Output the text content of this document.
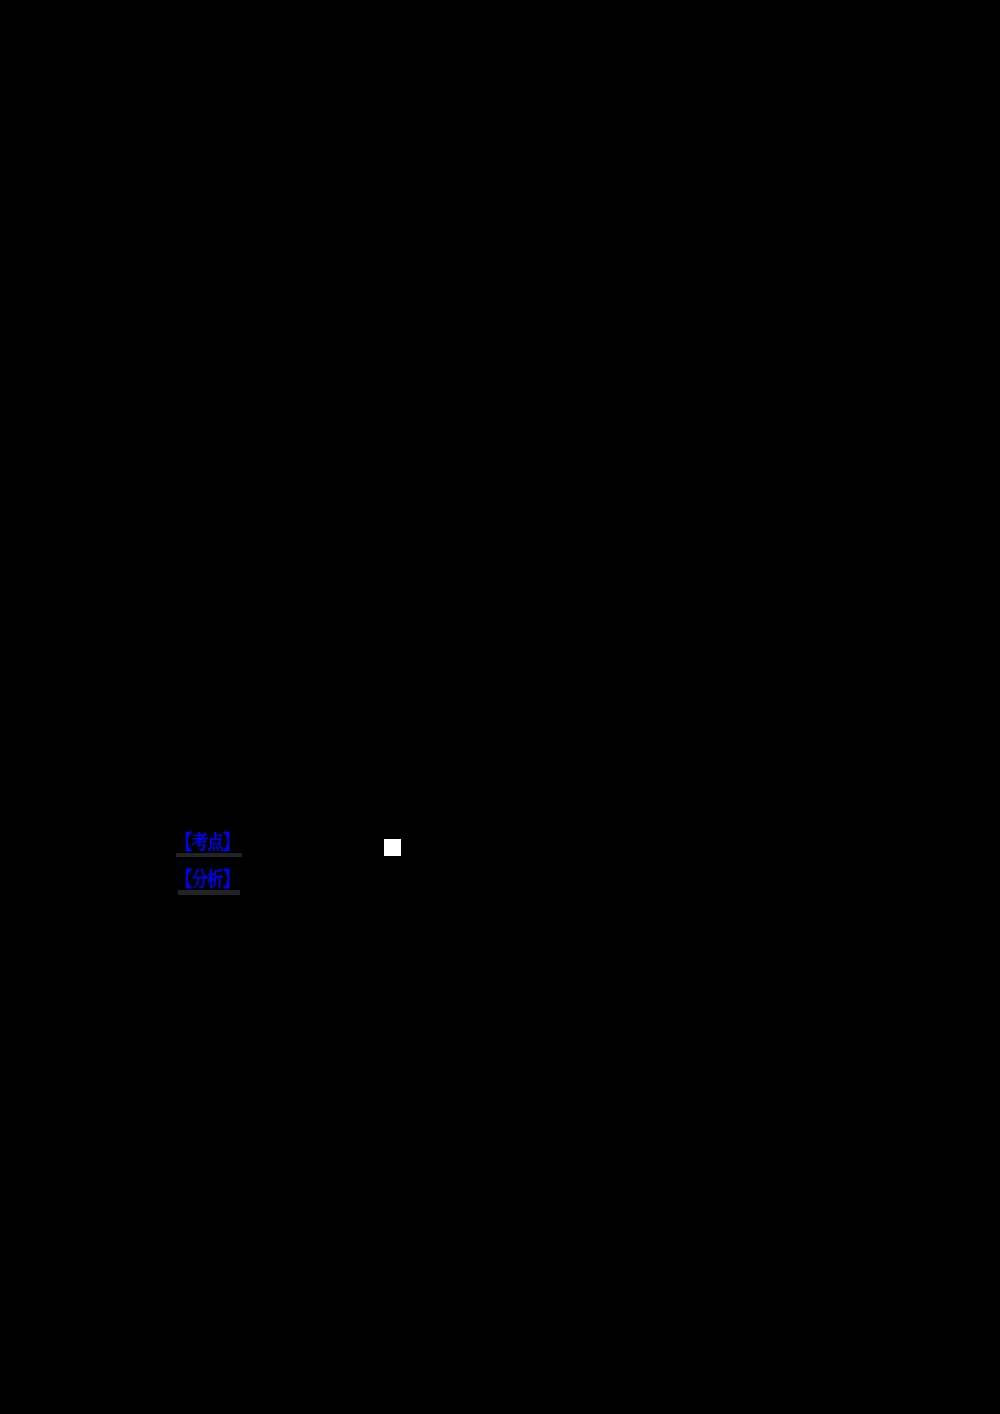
【考点】
【分析】
